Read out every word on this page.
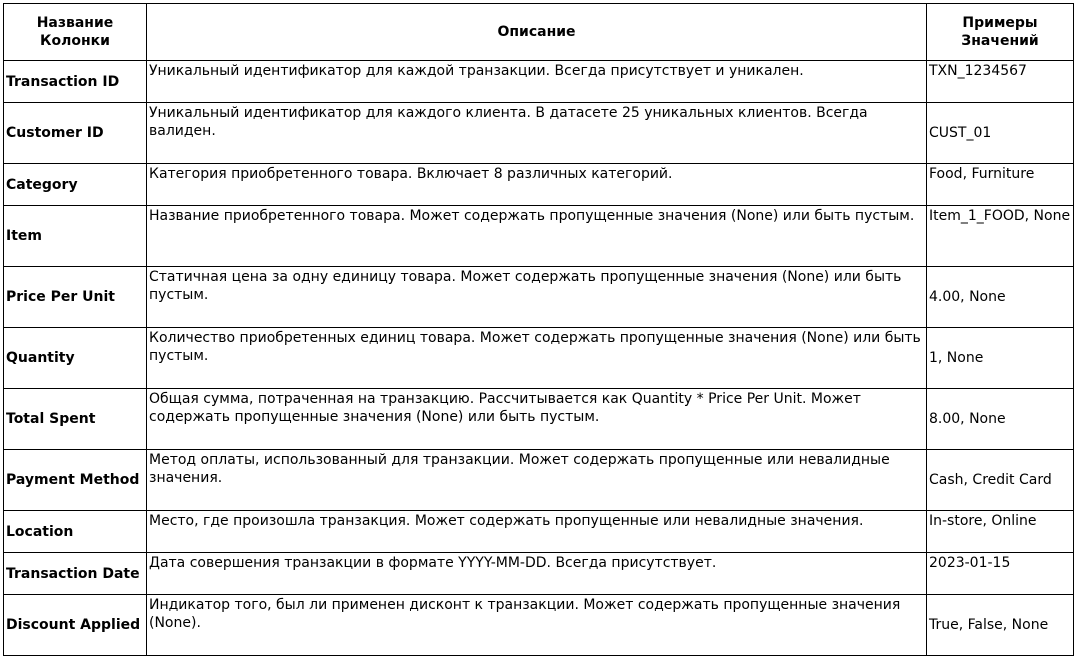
Название Колонки	Описание	Примеры Значений
Transaction ID	Уникальный идентификатор для каждой транзакции. Всегда присутствует и уникален.	TXN_1234567
Customer ID	Уникальный идентификатор для каждого клиента. В датасете 25 уникальных клиентов. Всегда валиден.	CUST_01
Category	Категория приобретенного товара. Включает 8 различных категорий.	Food, Furniture
Item	Название приобретенного товара. Может содержать пропущенные значения (None) или быть пустым.	Item_1_FOOD, None
Price Per Unit	Статичная цена за одну единицу товара. Может содержать пропущенные значения (None) или быть пустым.	4.00, None
Quantity	Количество приобретенных единиц товара. Может содержать пропущенные значения (None) или быть пустым.	1, None
Total Spent	Общая сумма, потраченная на транзакцию. Рассчитывается как Quantity * Price Per Unit. Может содержать пропущенные значения (None) или быть пустым.	8.00, None
Payment Method	Метод оплаты, использованный для транзакции. Может содержать пропущенные или невалидные значения.	Cash, Credit Card
Location	Место, где произошла транзакция. Может содержать пропущенные или невалидные значения.	In-store, Online
Transaction Date	Дата совершения транзакции в формате YYYY-MM-DD. Всегда присутствует.	2023-01-15
Discount Applied	Индикатор того, был ли применен дисконт к транзакции. Может содержать пропущенные значения (None).	True, False, None
